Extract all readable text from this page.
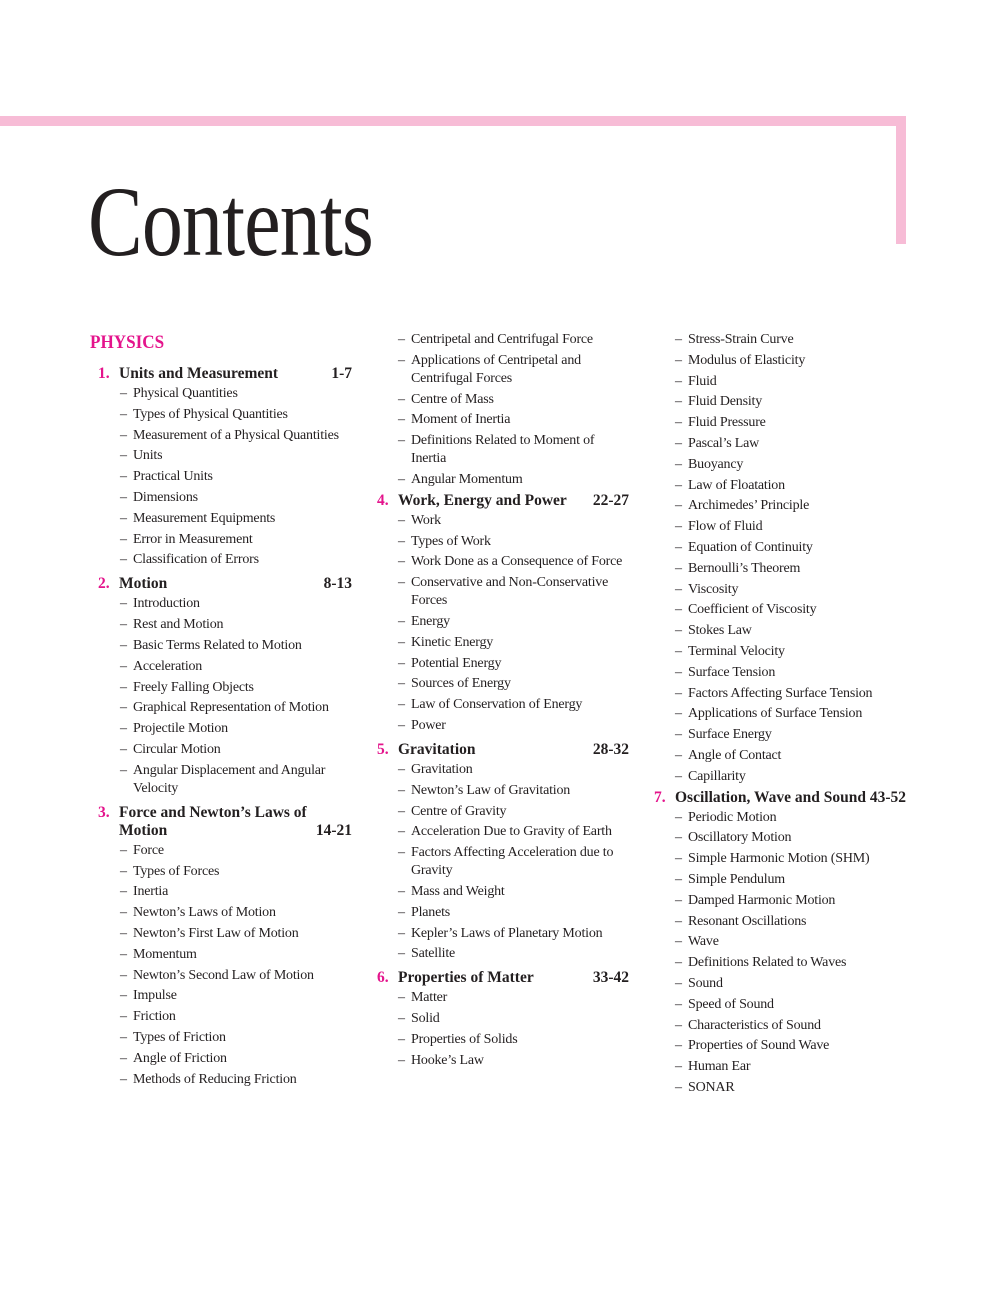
Contents
PHYSICS
1. Units and Measurement	1-7
– Physical Quantities
– Types of Physical Quantities
– Measurement of a Physical Quantities
– Units
– Practical Units
– Dimensions
– Measurement Equipments
– Error in Measurement
– Classification of Errors
2. Motion	8-13
– Introduction
– Rest and Motion
– Basic Terms Related to Motion
– Acceleration
– Freely Falling Objects
– Graphical Representation of Motion
– Projectile Motion
– Circular Motion
– Angular Displacement and Angular Velocity
3. Force and Newton’s Laws of Motion	14-21
– Force
– Types of Forces
– Inertia
– Newton’s Laws of Motion
– Newton’s First Law of Motion
– Momentum
– Newton’s Second Law of Motion
– Impulse
– Friction
– Types of Friction
– Angle of Friction
– Methods of Reducing Friction
– Centripetal and Centrifugal Force
– Applications of Centripetal and Centrifugal Forces
– Centre of Mass
– Moment of Inertia
– Definitions Related to Moment of Inertia
– Angular Momentum
4. Work, Energy and Power	22-27
– Work
– Types of Work
– Work Done as a Consequence of Force
– Conservative and Non-Conservative Forces
– Energy
– Kinetic Energy
– Potential Energy
– Sources of Energy
– Law of Conservation of Energy
– Power
5. Gravitation	28-32
– Gravitation
– Newton’s Law of Gravitation
– Centre of Gravity
– Acceleration Due to Gravity of Earth
– Factors Affecting Acceleration due to Gravity
– Mass and Weight
– Planets
– Kepler’s Laws of Planetary Motion
– Satellite
6. Properties of Matter	33-42
– Matter
– Solid
– Properties of Solids
– Hooke’s Law
– Stress-Strain Curve
– Modulus of Elasticity
– Fluid
– Fluid Density
– Fluid Pressure
– Pascal’s Law
– Buoyancy
– Law of Floatation
– Archimedes’ Principle
– Flow of Fluid
– Equation of Continuity
– Bernoulli’s Theorem
– Viscosity
– Coefficient of Viscosity
– Stokes Law
– Terminal Velocity
– Surface Tension
– Factors Affecting Surface Tension
– Applications of Surface Tension
– Surface Energy
– Angle of Contact
– Capillarity
7. Oscillation, Wave and Sound 43-52
– Periodic Motion
– Oscillatory Motion
– Simple Harmonic Motion (SHM)
– Simple Pendulum
– Damped Harmonic Motion
– Resonant Oscillations
– Wave
– Definitions Related to Waves
– Sound
– Speed of Sound
– Characteristics of Sound
– Properties of Sound Wave
– Human Ear
– SONAR
